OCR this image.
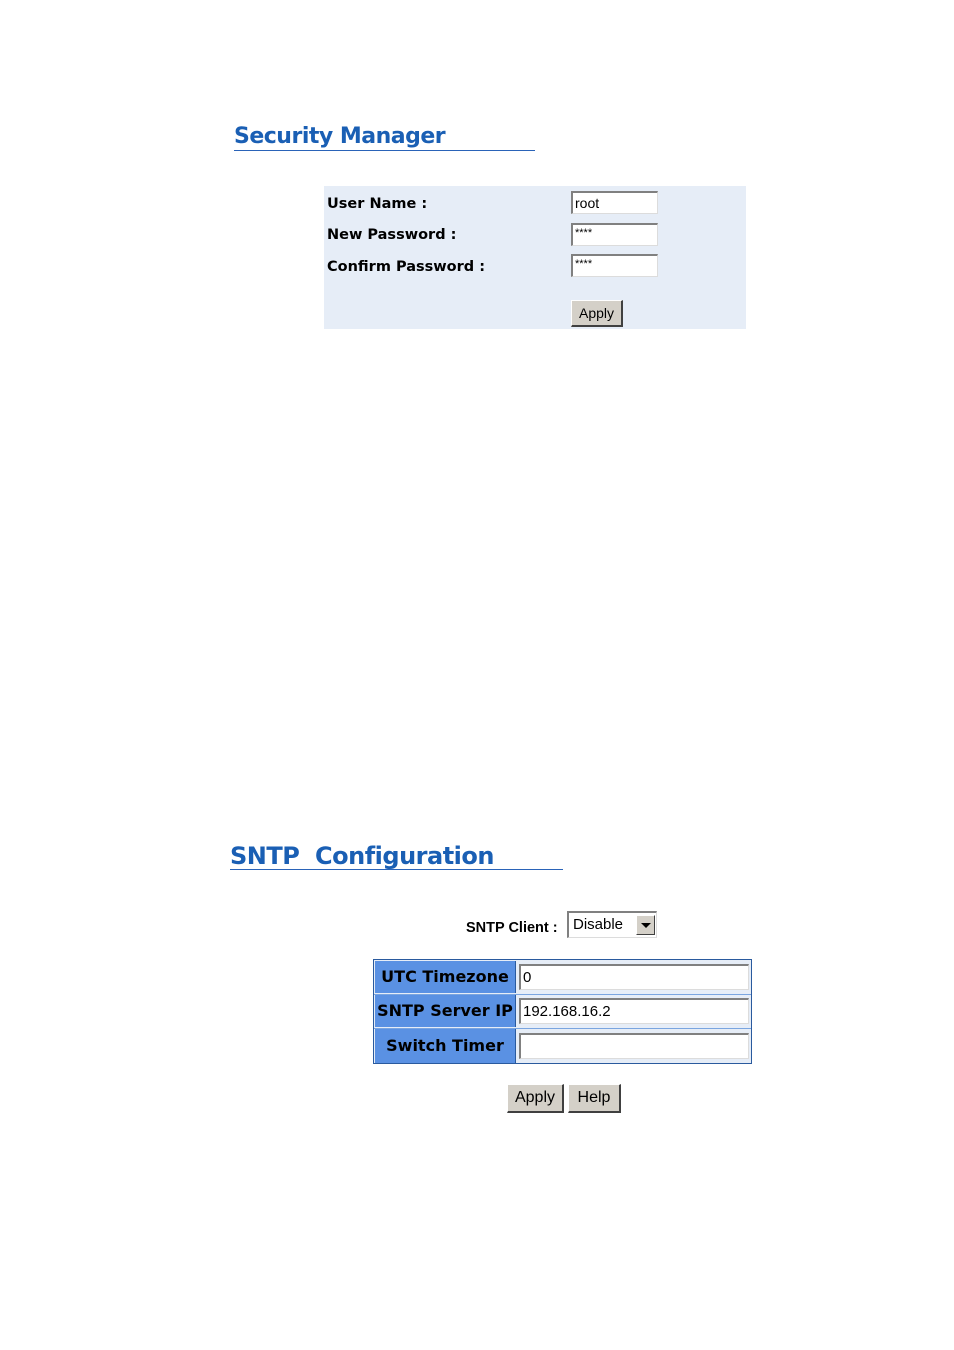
Security Manager
User Name :	root
New Password :	****
Confirm Password :	****
Apply
SNTP  Configuration
SNTP Client : Disable
UTC Timezone 0
SNTP Server IP 192.168.16.2
Switch Timer
Apply	Help
